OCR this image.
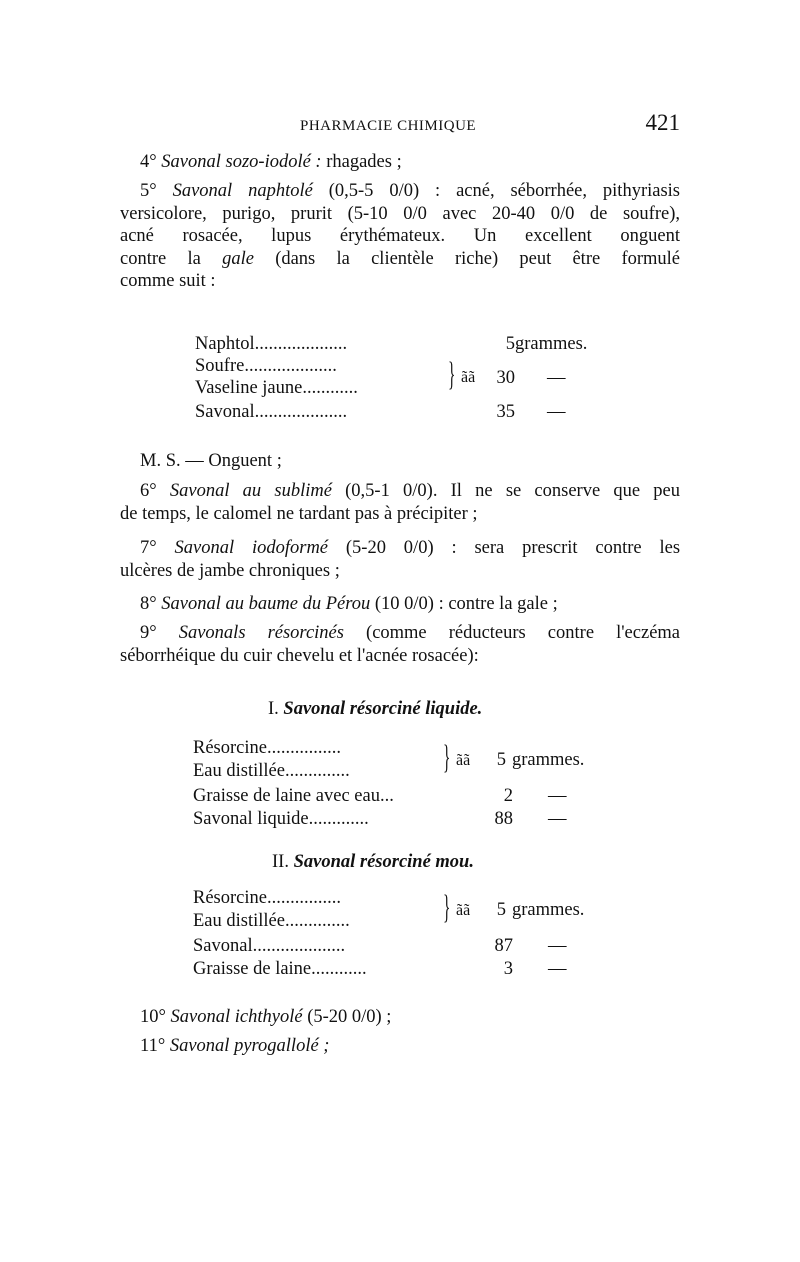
PHARMACIE CHIMIQUE	421
4° Savonal sozo-iodolé : rhagades ;
5° Savonal naphtolé (0,5-5 0/0) : acné, séborrhée, pithyriasis
versicolore, purigo, prurit (5-10 0/0 avec 20-40 0/0 de soufre),
acné rosacée, lupus érythémateux. Un excellent onguent
contre la gale (dans la clientèle riche) peut être formulé
comme suit :
Naphtol....................	5 grammes.
Soufre....................
Vaseline jaune............	} ãã	30 —
Savonal....................	35 —
M. S. — Onguent ;
6° Savonal au sublimé (0,5-1 0/0). Il ne se conserve que peu
de temps, le calomel ne tardant pas à précipiter ;
7° Savonal iodoformé (5-20 0/0) : sera prescrit contre les
ulcères de jambe chroniques ;
8° Savonal au baume du Pérou (10 0/0) : contre la gale ;
9° Savonals résorcinés (comme réducteurs contre l'eczéma
séborrhéique du cuir chevelu et l'acnée rosacée):
I. Savonal résorciné liquide.
Résorcine................
Eau distillée..............	} ãã	5 grammes.
Graisse de laine avec eau...	2 —
Savonal liquide.............	88 —
II. Savonal résorciné mou.
Résorcine................
Eau distillée..............	} ãã	5 grammes.
Savonal....................	87 —
Graisse de laine............	3 —
10° Savonal ichthyolé (5-20 0/0) ;
11° Savonal pyrogallolé ;
